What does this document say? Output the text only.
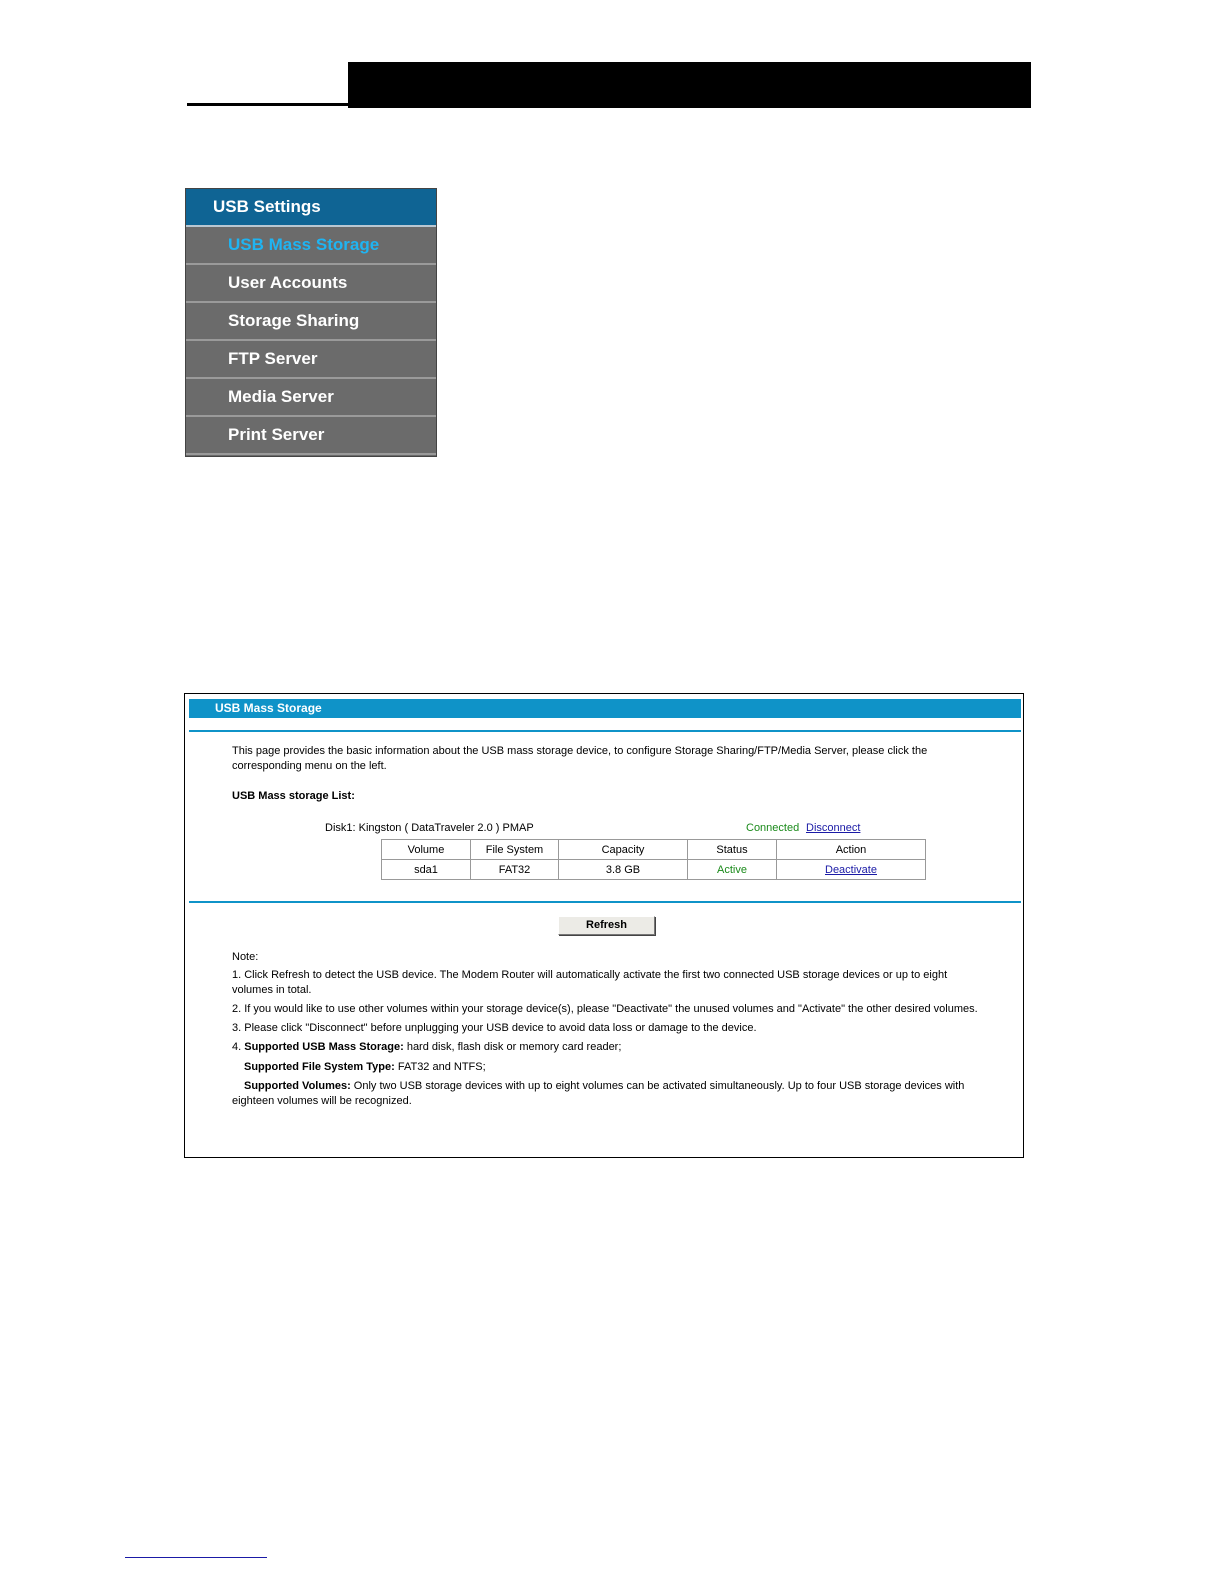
USB Settings
USB Mass Storage
User Accounts
Storage Sharing
FTP Server
Media Server
Print Server
USB Mass Storage
This page provides the basic information about the USB mass storage device, to configure Storage Sharing/FTP/Media Server, please click the
corresponding menu on the left.
USB Mass storage List:
Disk1: Kingston ( DataTraveler 2.0 ) PMAP	Connected Disconnect
Volume	File System	Capacity	Status	Action
sda1	FAT32	3.8 GB	Active	Deactivate
Refresh
Note:
1. Click Refresh to detect the USB device. The Modem Router will automatically activate the first two connected USB storage devices or up to eight
volumes in total.
2. If you would like to use other volumes within your storage device(s), please "Deactivate" the unused volumes and "Activate" the other desired volumes.
3. Please click "Disconnect" before unplugging your USB device to avoid data loss or damage to the device.
4. Supported USB Mass Storage: hard disk, flash disk or memory card reader;
Supported File System Type: FAT32 and NTFS;
Supported Volumes: Only two USB storage devices with up to eight volumes can be activated simultaneously. Up to four USB storage devices with
eighteen volumes will be recognized.
